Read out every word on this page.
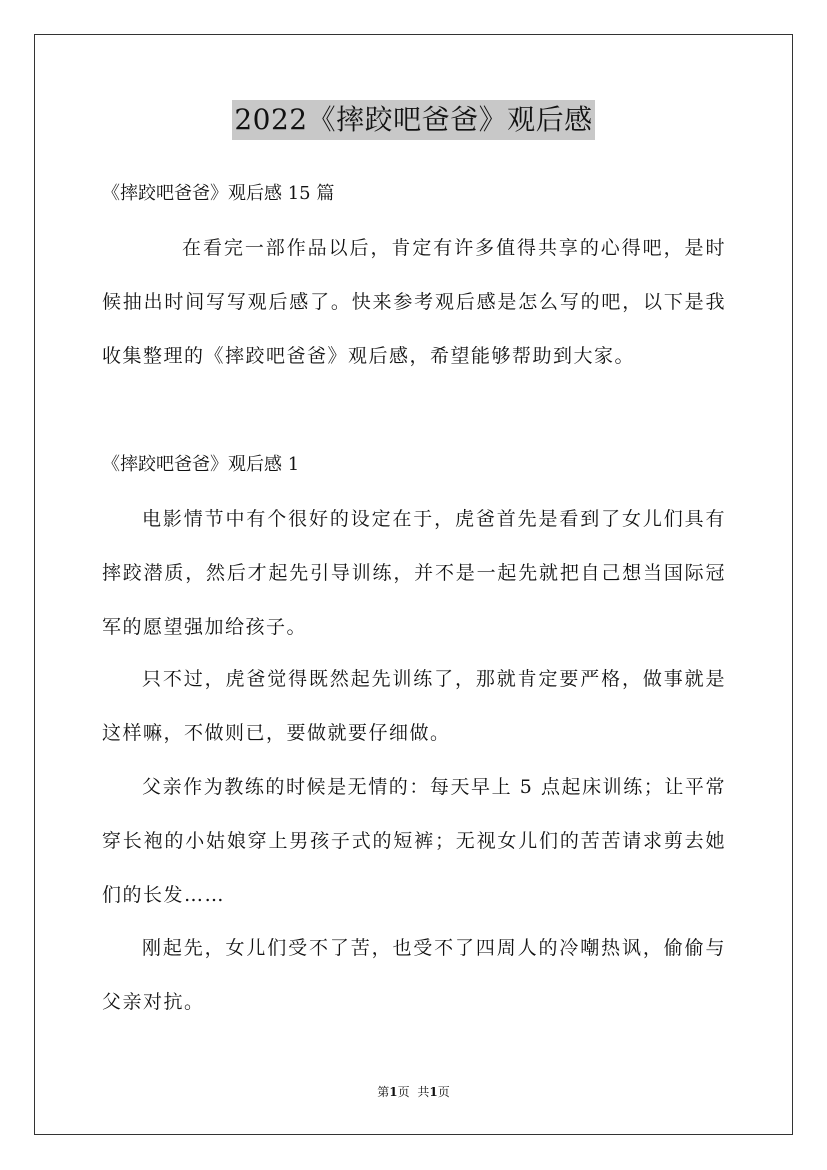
2022《摔跤吧爸爸》观后感
《摔跤吧爸爸》观后感 15 篇

在看完一部作品以后，肯定有许多值得共享的心得吧，是时候抽出时间写写观后感了。快来参考观后感是怎么写的吧，以下是我收集整理的《摔跤吧爸爸》观后感，希望能够帮助到大家。

《摔跤吧爸爸》观后感 1

电影情节中有个很好的设定在于，虎爸首先是看到了女儿们具有摔跤潜质，然后才起先引导训练，并不是一起先就把自己想当国际冠军的愿望强加给孩子。

只不过，虎爸觉得既然起先训练了，那就肯定要严格，做事就是这样嘛，不做则已，要做就要仔细做。

父亲作为教练的时候是无情的：每天早上 5 点起床训练；让平常穿长袍的小姑娘穿上男孩子式的短裤；无视女儿们的苦苦请求剪去她们的长发……

刚起先，女儿们受不了苦，也受不了四周人的冷嘲热讽，偷偷与父亲对抗。

第1页 共1页
